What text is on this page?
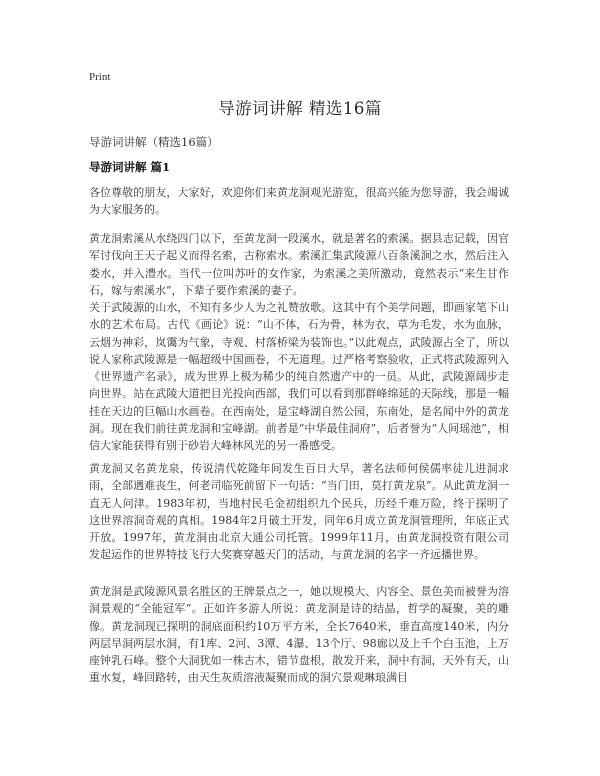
Print
导游词讲解 精选16篇

导游词讲解（精选16篇）

导游词讲解 篇1

各位尊敬的朋友，大家好，欢迎你们来黄龙洞观光游览，很高兴能为您导游，我会竭诚为大家服务的。

黄龙洞索溪从水绕四门以下，至黄龙洞一段溪水，就是著名的索溪。据县志记载，因官军讨伐向王天子起义而得名索，古称索水。索溪汇集武陵源八百条溪涧之水，然后注入娄水，并入澧水。当代一位叫苏叶的女作家，为索溪之美所激动，竟然表示“来生甘作石，嫁与索溪水”，下辈子要作索溪的妻子。

关于武陵源的山水，不知有多少人为之礼赞放歌。这其中有个美学问题，即画家笔下山水的艺术布局。古代《画论》说：“山不体，石为骨，林为衣，草为毛发，水为血脉，云烟为神彩，岚霭为气象，寺观、村落桥梁为装饰也。”以此观点，武陵源占全了，所以说人家称武陵源是一幅超级中国画卷，不无道理。过严格考察验收，正式将武陵源列入《世界遗产名录》，成为世界上极为稀少的纯自然遗产中的一员。从此，武陵源阔步走向世界。站在武陵大道把目光投向西部，我们可以看到那群峰绵延的天际线，那是一幅挂在天边的巨幅山水画卷。在西南处，是宝峰湖自然公园，东南处，是名闻中外的黄龙洞。现在我们前往黄龙洞和宝峰湖。前者是“中华最佳洞府”，后者誉为“人间瑶池”，相信大家能获得有别于砂岩大峰林风光的另一番感受。

黄龙洞又名黄龙泉，传说清代乾隆年间发生百日大旱，著名法师何侯儒率徒儿进洞求雨，全部遇难丧生，何老司临死前留下一句话：“当门田，莫打黄龙泉”。从此黄龙洞一直无人问津。1983年初，当地村民毛金初组织九个民兵，历经千难万险，终于探明了这世界溶洞奇观的真相。1984年2月破土开发，同年6月成立黄龙洞管理所，年底正式开放。1997年，黄龙洞由北京大通公司托管。1999年11月，由黄龙洞投资有限公司发起运作的世界特技飞行大奖赛穿越天门的活动，与黄龙洞的名字一齐远播世界。

黄龙洞是武陵源风景名胜区的王牌景点之一，她以规模大、内容全、景色美而被誉为溶洞景观的“全能冠军”。正如许多游人所说：黄龙洞是诗的结晶，哲学的凝聚，美的雕像。黄龙洞现已探明的洞底面积约10万平方米，全长7640米，垂直高度140米，内分两层旱洞两层水洞，有1库、2河、3潭、4瀑、13个厅、98廊以及上千个白玉池，上万座钟乳石峰。整个大洞犹如一株古木，错节盘根，散发开来，洞中有洞，天外有天，山重水复，峰回路转，由天生灰质溶液凝聚而成的洞穴景观琳琅满目
